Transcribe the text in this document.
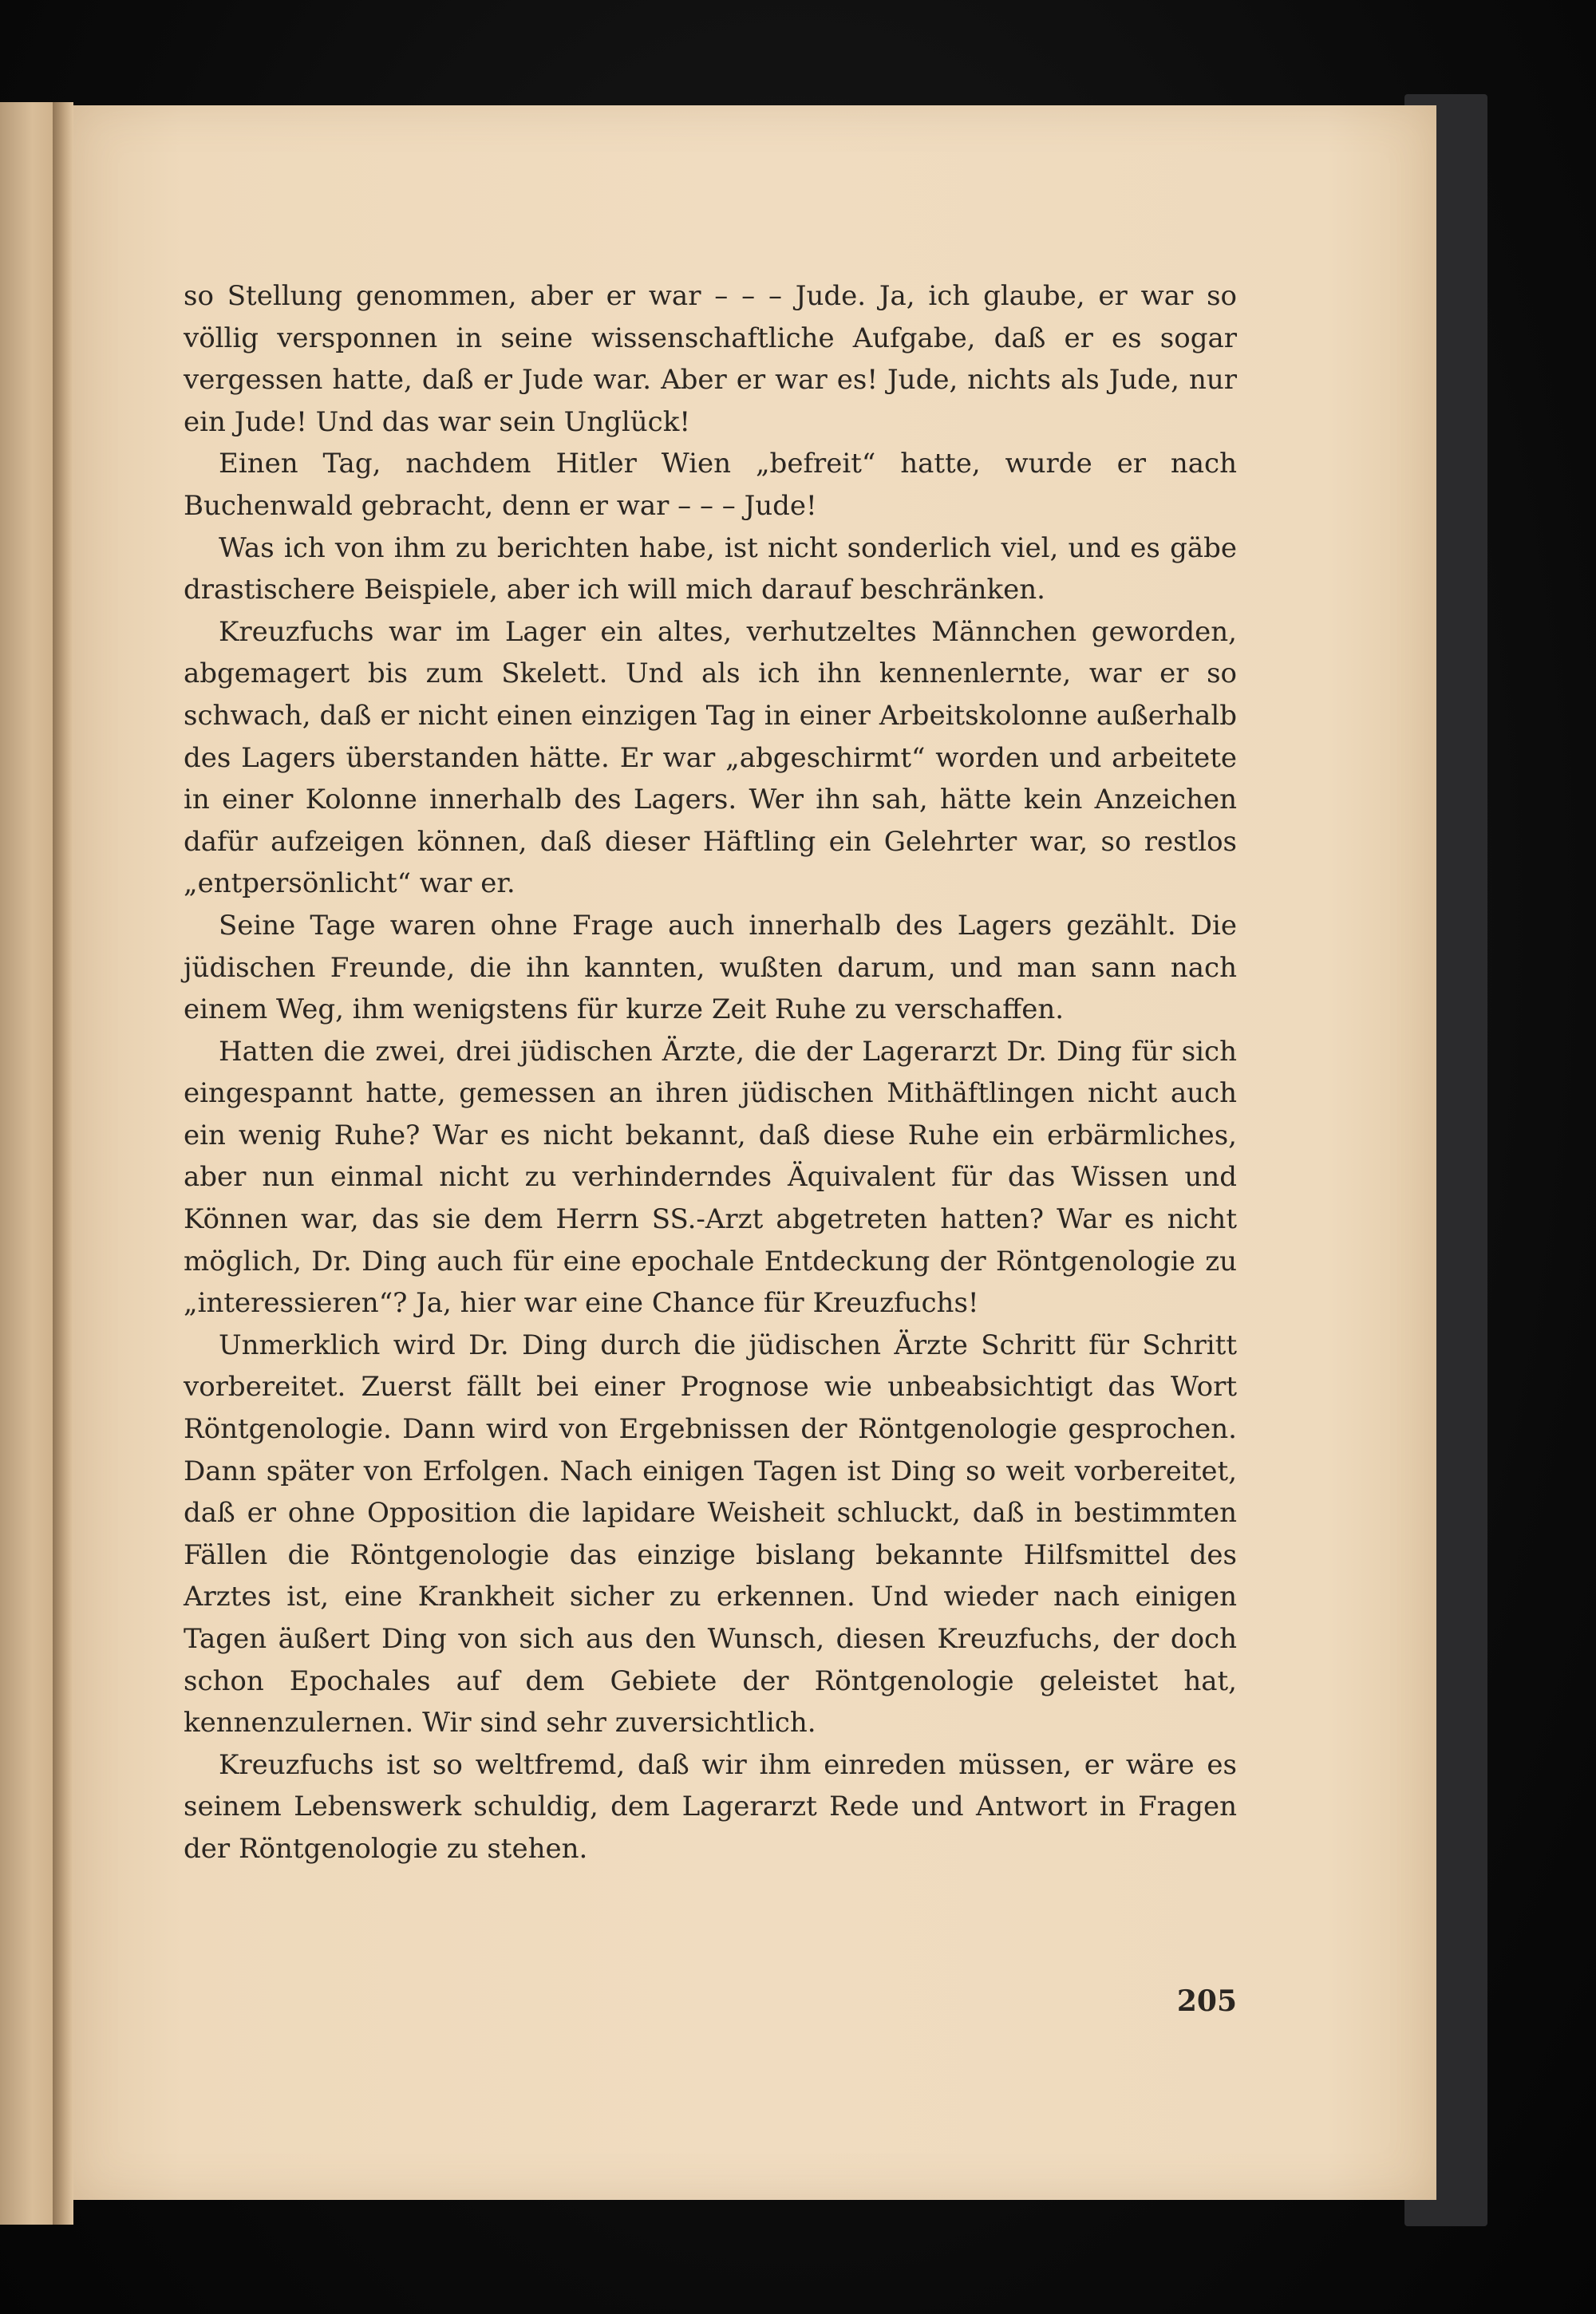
so Stellung genommen, aber er war – – – Jude. Ja, ich glaube, er war so völlig versponnen in seine wissenschaftliche Aufgabe, daß er es sogar vergessen hatte, daß er Jude war. Aber er war es! Jude, nichts als Jude, nur ein Jude! Und das war sein Unglück!

Einen Tag, nachdem Hitler Wien „befreit“ hatte, wurde er nach Buchenwald gebracht, denn er war – – – Jude!

Was ich von ihm zu berichten habe, ist nicht sonderlich viel, und es gäbe drastischere Beispiele, aber ich will mich darauf beschränken.

Kreuzfuchs war im Lager ein altes, verhutzeltes Männchen geworden, abgemagert bis zum Skelett. Und als ich ihn kennenlernte, war er so schwach, daß er nicht einen einzigen Tag in einer Arbeitskolonne außerhalb des Lagers überstanden hätte. Er war „abgeschirmt“ worden und arbeitete in einer Kolonne innerhalb des Lagers. Wer ihn sah, hätte kein Anzeichen dafür aufzeigen können, daß dieser Häftling ein Gelehrter war, so restlos „entpersönlicht“ war er.

Seine Tage waren ohne Frage auch innerhalb des Lagers gezählt. Die jüdischen Freunde, die ihn kannten, wußten darum, und man sann nach einem Weg, ihm wenigstens für kurze Zeit Ruhe zu verschaffen.

Hatten die zwei, drei jüdischen Ärzte, die der Lagerarzt Dr. Ding für sich eingespannt hatte, gemessen an ihren jüdischen Mithäftlingen nicht auch ein wenig Ruhe? War es nicht bekannt, daß diese Ruhe ein erbärmliches, aber nun einmal nicht zu verhinderndes Äquivalent für das Wissen und Können war, das sie dem Herrn SS.-Arzt abgetreten hatten? War es nicht möglich, Dr. Ding auch für eine epochale Entdeckung der Röntgenologie zu „interessieren“? Ja, hier war eine Chance für Kreuzfuchs!

Unmerklich wird Dr. Ding durch die jüdischen Ärzte Schritt für Schritt vorbereitet. Zuerst fällt bei einer Prognose wie unbeabsichtigt das Wort Röntgenologie. Dann wird von Ergebnissen der Röntgenologie gesprochen. Dann später von Erfolgen. Nach einigen Tagen ist Ding so weit vorbereitet, daß er ohne Opposition die lapidare Weisheit schluckt, daß in bestimmten Fällen die Röntgenologie das einzige bislang bekannte Hilfsmittel des Arztes ist, eine Krankheit sicher zu erkennen. Und wieder nach einigen Tagen äußert Ding von sich aus den Wunsch, diesen Kreuzfuchs, der doch schon Epochales auf dem Gebiete der Röntgenologie geleistet hat, kennenzulernen. Wir sind sehr zuversichtlich.

Kreuzfuchs ist so weltfremd, daß wir ihm einreden müssen, er wäre es seinem Lebenswerk schuldig, dem Lagerarzt Rede und Antwort in Fragen der Röntgenologie zu stehen.

205
